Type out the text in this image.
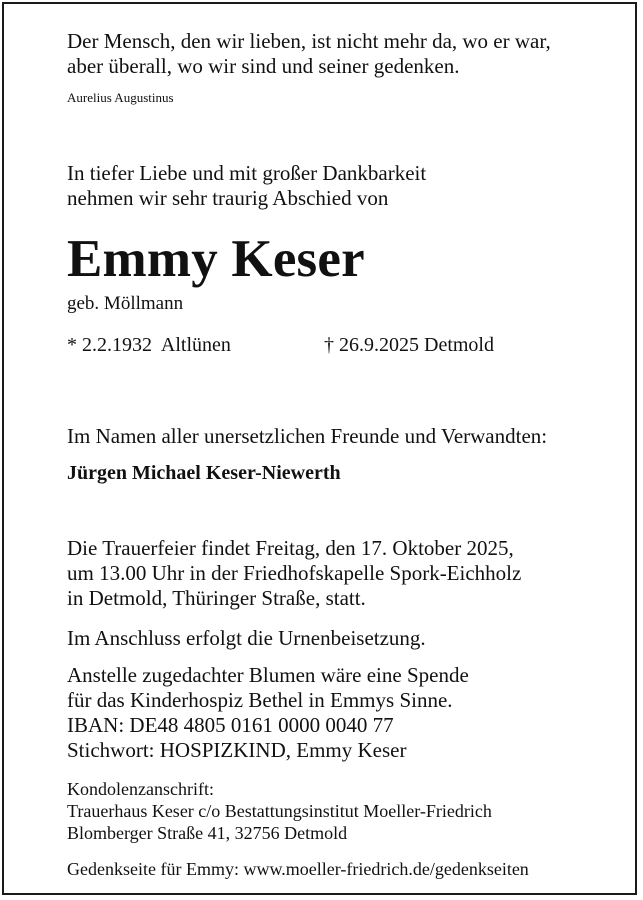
Der Mensch, den wir lieben, ist nicht mehr da, wo er war,
aber überall, wo wir sind und seiner gedenken.

Aurelius Augustinus

In tiefer Liebe und mit großer Dankbarkeit
nehmen wir sehr traurig Abschied von

Emmy Keser

geb. Möllmann

* 2.2.1932  Altlünen	† 26.9.2025 Detmold

Im Namen aller unersetzlichen Freunde und Verwandten:

Jürgen Michael Keser-Niewerth

Die Trauerfeier findet Freitag, den 17. Oktober 2025,
um 13.00 Uhr in der Friedhofskapelle Spork-Eichholz
in Detmold, Thüringer Straße, statt.

Im Anschluss erfolgt die Urnenbeisetzung.

Anstelle zugedachter Blumen wäre eine Spende
für das Kinderhospiz Bethel in Emmys Sinne.
IBAN: DE48 4805 0161 0000 0040 77
Stichwort: HOSPIZKIND, Emmy Keser

Kondolenzanschrift:
Trauerhaus Keser c/o Bestattungsinstitut Moeller-Friedrich
Blomberger Straße 41, 32756 Detmold

Gedenkseite für Emmy: www.moeller-friedrich.de/gedenkseiten
